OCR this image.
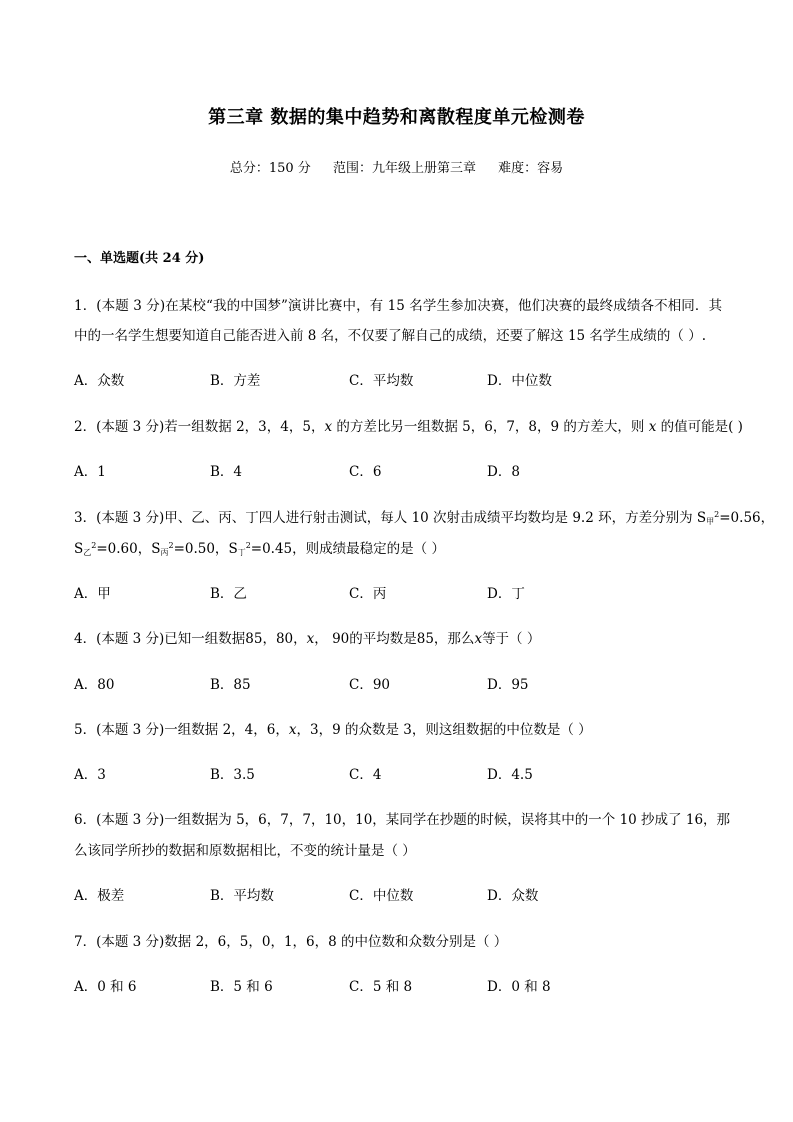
第三章 数据的集中趋势和离散程度单元检测卷
总分：150 分 范围：九年级上册第三章 难度：容易
一、单选题(共 24 分)
1．(本题 3 分)在某校“我的中国梦”演讲比赛中，有 15 名学生参加决赛，他们决赛的最终成绩各不相同．其
中的一名学生想要知道自己能否进入前 8 名，不仅要了解自己的成绩，还要了解这 15 名学生成绩的（ ）.
A．众数	B．方差	C．平均数	D．中位数
2．(本题 3 分)若一组数据 2，3，4，5，x 的方差比另一组数据 5，6，7，8，9 的方差大，则 x 的值可能是( )
A．1	B．4	C．6	D．8
3．(本题 3 分)甲、乙、丙、丁四人进行射击测试，每人 10 次射击成绩平均数均是 9.2 环，方差分别为 $S_甲^2=0.56$，
$S_乙^2=0.60$，$S_丙^2=0.50$，$S_丁^2=0.45$，则成绩最稳定的是（ ）
A．甲	B．乙	C．丙	D．丁
4．(本题 3 分)已知一组数据85，80，x， 90的平均数是85，那么x等于（ ）
A．80	B．85	C．90	D．95
5．(本题 3 分)一组数据 2，4，6，x，3，9 的众数是 3，则这组数据的中位数是（ ）
A．3	B．3.5	C．4	D．4.5
6．(本题 3 分)一组数据为 5，6，7，7，10，10，某同学在抄题的时候，误将其中的一个 10 抄成了 16，那
么该同学所抄的数据和原数据相比，不变的统计量是（ ）
A．极差	B．平均数	C．中位数	D．众数
7．(本题 3 分)数据 2，6，5，0，1，6，8 的中位数和众数分别是（ ）
A．0 和 6	B．5 和 6	C．5 和 8	D．0 和 8
